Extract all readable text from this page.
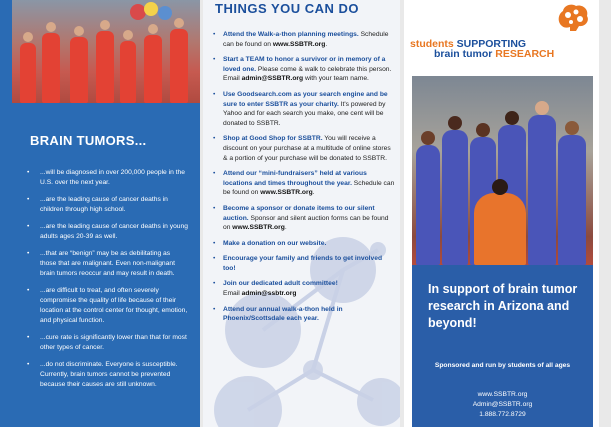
BRAIN TUMORS...
• ...will be diagnosed in over 200,000 people in the U.S. over the next year.
• ...are the leading cause of cancer deaths in children through high school.
• ...are the leading cause of cancer deaths in young adults ages 20-39 as well.
• ...that are “benign” may be as debilitating as those that are malignant. Even non-malignant brain tumors reoccur and may result in death.
• ...are difficult to treat, and often severely compromise the quality of life because of their location at the control center for thought, emotion, and physical function.
• ...cure rate is significantly lower than that for most other types of cancer.
• ...do not discriminate. Everyone is susceptible. Currently, brain tumors cannot be prevented because their causes are still unknown.
THINGS YOU CAN DO
• Attend the Walk-a-thon planning meetings. Schedule can be found on www.SSBTR.org.
• Start a TEAM to honor a survivor or in memory of a loved one. Please come & walk to celebrate this person. Email admin@SSBTR.org with your team name.
• Use Goodsearch.com as your search engine and be sure to enter SSBTR as your charity. It's powered by Yahoo and for each search you make, one cent will be donated to SSBTR.
• Shop at Good Shop for SSBTR. You will receive a discount on your purchase at a multitude of online stores & a portion of your purchase will be donated to SSBTR.
• Attend our “mini-fundraisers” held at various locations and times throughout the year. Schedule can be found on www.SSBTR.org.
• Become a sponsor or donate items to our silent auction. Sponsor and silent auction forms can be found on www.SSBTR.org.
• Make a donation on our website.
• Encourage your family and friends to get involved too!
• Join our dedicated adult committee!
Email admin@ssbtr.org
• Attend our annual walk-a-thon held in Phoenix/Scottsdale each year.
students SUPPORTING
brain tumor RESEARCH
In support of brain tumor research in Arizona and beyond!
Sponsored and run by students of all ages
www.SSBTR.org
Admin@SSBTR.org
1.888.772.8729
